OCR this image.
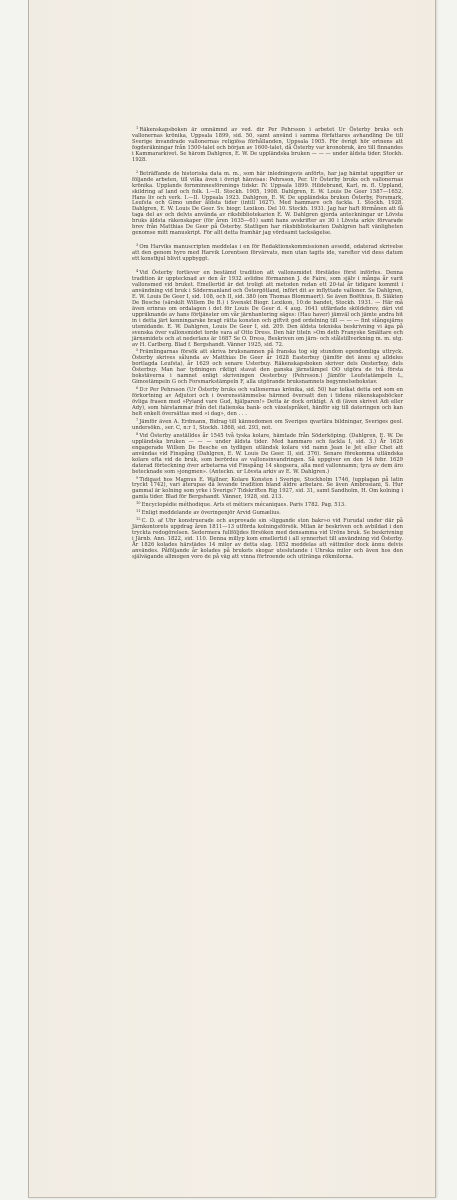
$^1$Räkenskapsboken är omnämnd av ved. dir Per Pehrsson i arbetet Ur Österby bruks och vallonernas krönika, Uppsala 1899, sid. 50, samt använd i samma författares avhandling De till Sverige invandrade vallonernas religiösa förhållanden, Uppsala 1905. För övrigt hör ortnens att fogderäkningar från 1500-talet och början av 1600-talet, då Österby var kronobruk, äro till finnandes i Kammararkivet. Se härom Dahlgren, E. W. De uppländska bruken — — — under äldsta tider. Stockh. 1928.

$^2$Beträffande de historiska data m. m., som här inledningsvis anförts, har jag hämtat uppgifter ur följande arbeten, till vilka även i övrigt hänvisas: Pehrsson, Per. Ur Österby bruks och vallonernas krönika. Upplands fornminnesförenings tidskr. IV. Uppsala 1899. Hildebrand, Karl, m. fl. Uppland, skildring af land och folk. I.—II. Stockh. 1905, 1908. Dahlgren, E. W. Louis De Geer 1587—1652. Hans liv och verk. I.—II. Uppsala 1923. Dahlgren, E. W. De uppländska bruken Österby, Forsmark, Leufsta och Gimo under äldsta tider (intill 1627). Med hammare och fackla. I. Stockh. 1928. Dahlgren, E. W. Louis De Geer. Sv. biogr. Lexikon. Del 10. Stockh. 1931. Jag har haft förmånen att få taga del av och delvis använda av riksbibliotekarien E. W. Dahlgren gjorda anteckningar ur Lövsta bruks äldsta räkenskaper (för åren 1635—61) samt hans avskrifter av 30 i Lövsta arkiv förvarade brev från Matthias De Geer på Österby. Statligen har riksbibliotekarien Dahlgren haft vänligheten genomse mitt manuskript. För allt detta framhär jag vördsamt tacksägelse.

$^3$Om Harviks manuscripten meddelas i en för Redaktionskommissionen avsedd, odaterad skrivelse att den genom hyro med Harvik Lorentsen förvärvats, men utan tagits ide, varefter vid dess datum ett konsthjul blivit uppbyggt.

$^4$Vid Österby fortlever en bestämd tradition att vallonsmidet förstädes först införfes. Denna tradition är upptecknad av den år 1932 avlidne förmannen J. de Faire, som själv i många år varit vallonsmed vid bruket. Emellertid är det troligt att metoden redan ett 20-tal år tidigare kommit i användning vid bruk i Södermanland och Östergötland, infört dit av inflyttade valloner. Se Dahlgren, E. W. Louis De Geer I, sid. 108, och II, sid. 380 (om Thomas Blommaert). Se även Boëthius, B. Släkten De Besche (särskilt Willem De B.) i Svenskt Biogr. Lexikon, 10:de bandet, Stockh. 1931. — Här må även erinras om ordalagen i det för Louis De Geer d. 4 aug. 1641 utfärdade sköldebrev, däri vid uppräknande av hans förtjänster om vår järnhantering säges: (Hau haver) jämväl och jämte andra bit in i detta järt kenningarske bragt rätta konsten och giftvit god ordelning till — — — fint stångejärns utsmidande. E. W. Dahlgren, Louis De Geer I, sid. 209. Den äldsta tekniska beskrivning vi äga på svenska över vallonsmidet torde vara af Otto Dress. Den här titeln »Om deth Franyske Smältare och järnsmidets och at nederlans är 1687 Se O. Dress, Beskriven om järn- och stålstillverkning m. m. utg. av H. Carlberg. Blad f. Bergshandt. Vänner 1925, sid. 72.

$^5$Främlingarnas försök att skriva bruksnamnen på franska tog sig stundom egendomliga uttryck. Österby skrives sålunda av Matthias De Geer år 1628 Easterbuy (jämför det ännu ej alldeles bortlagda Leufsta), år 1629 och senare Usterbuy. Räkenskapsboken skriver dels Oesterbuy, dels Österbuy. Man har tydningen riktigt stavat den ganska järnstämpel OO utgöra de två första bokstäverna i namnet enligt skrivningen Oesterbuy (Pehrsson.) Jämför Leufstatämpeln L, Gimostämpeln G och Forsmarkstämpeln F, alla utgörande bruksnamnets begynnelsebokstav.

$^6$D:r Per Pehrsson (Ur Österby bruks och vallonernas krönika, sid. 50) har tolkat detta ord som en förkortning av Adjutori och i överensstämmelse härmed översatt den i tidens räkenskapsböcker övliga frasen med »Pyiand vare Gud, hjälparen!» Detta är dock oriktigt. A di (även skrivet Adi eller Ady), som härstammar från det italienska bank- och växelspråket, hänför sig till dateringen och kan helt enkelt översättas med »i dag», den . . .

$^7$Jämför även A. Erdmann, Bidrag till kännedomen om Sveriges qvartära bildningar, Sveriges geol. undersökn., ser. C, n:r 1, Stockh. 1868, sid. 293, not.

$^8$Vid Österby anställdes år 1545 två tyska kolare, hämtade från Söderköping. (Dahlgren, E. W. De uppländska bruken — — — under äldsta tider. Med hammare och fackla I, sid. 3.) År 1626 engagerade Willem De Besche en tydligen utländsk kolare vid namn Jean le Jet eller Chet att användas vid Finspång (Dahlgren, E. W. Louis De Geer. II, sid. 376). Senare förekomma utländska kolare ofta vid de bruk, som berördes av vallonsinvandringen. Så uppgiver en den 14 febr. 1629 daterad förteckning över arbetarna vid Finspång 14 skogsera, alla med vallonnamn; tyra av dem äro betecknade som »jongmen». (Anteckn. ur Lövsta arkiv av E. W. Dahlgren.)

$^9$Tidigast hos Magnus E. Wallner, Kolare Konsten i Sverige, Stockholm 1746, (upplagan på latin tryckt 1742), vari återupas då levande tradition bland äldre arbetare. Se även Ambrosiani, S. Hur gammal är kolning som yrke i Sverige? Tidskriften Rig 1927, sid. 31, samt Sandholm, H. Om kolning i gamla tider. Blad för Bergshandt. Vänner, 1928, sid. 213.

$^{10}$Encyclopédie méthodique. Arts et métiers mécaniques. Paris 1782. Pag. 513.

$^{11}$Enligt meddelande av överingenjör Arvid Gumælius.

$^{12}$C. D. af Uhr konstruerade och avprovade sin »liggande ston bakr»o vid Furudal under där på Järnkontorets uppdrag åren 1811—13 utförda kolningsförsök. Milan är beskriven och avbildad i den tryckta redogörelsen. Sedermera fullföljdes försöken med densamma vid Uröns bruk. Se beskrivning i Järnb. Ann. 1822, sid. 110. Denna millyp kom emellertid i all synnerhet till användning vid Österby. År 1826 kolades härstädes 14 milor av detta slag. 1852 meddelas att vättmilor dock ännu delvis användes. Påföljande år kolades på brukets skogar uteslutande i Uhrska milor och även hos den självägande allmogen voro de på väg att vinna förtroende och uttränga rökmilorna.
